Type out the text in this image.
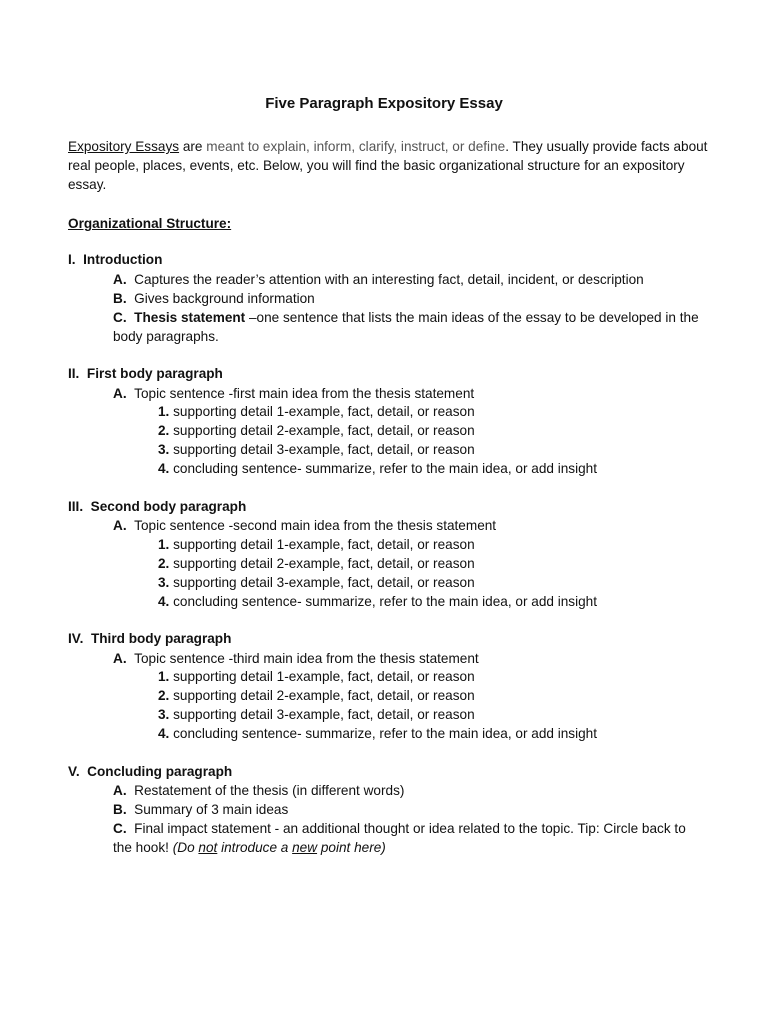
Five Paragraph Expository Essay
Expository Essays are meant to explain, inform, clarify, instruct, or define. They usually provide facts about real people, places, events, etc. Below, you will find the basic organizational structure for an expository essay.
Organizational Structure:
I. Introduction
A. Captures the reader’s attention with an interesting fact, detail, incident, or description
B. Gives background information
C. Thesis statement –one sentence that lists the main ideas of the essay to be developed in the body paragraphs.
II. First body paragraph
A. Topic sentence -first main idea from the thesis statement
1. supporting detail 1-example, fact, detail, or reason
2. supporting detail 2-example, fact, detail, or reason
3. supporting detail 3-example, fact, detail, or reason
4. concluding sentence- summarize, refer to the main idea, or add insight
III. Second body paragraph
A. Topic sentence -second main idea from the thesis statement
1. supporting detail 1-example, fact, detail, or reason
2. supporting detail 2-example, fact, detail, or reason
3. supporting detail 3-example, fact, detail, or reason
4. concluding sentence- summarize, refer to the main idea, or add insight
IV. Third body paragraph
A. Topic sentence -third main idea from the thesis statement
1. supporting detail 1-example, fact, detail, or reason
2. supporting detail 2-example, fact, detail, or reason
3. supporting detail 3-example, fact, detail, or reason
4. concluding sentence- summarize, refer to the main idea, or add insight
V. Concluding paragraph
A. Restatement of the thesis (in different words)
B. Summary of 3 main ideas
C. Final impact statement - an additional thought or idea related to the topic. Tip: Circle back to the hook! (Do not introduce a new point here)
